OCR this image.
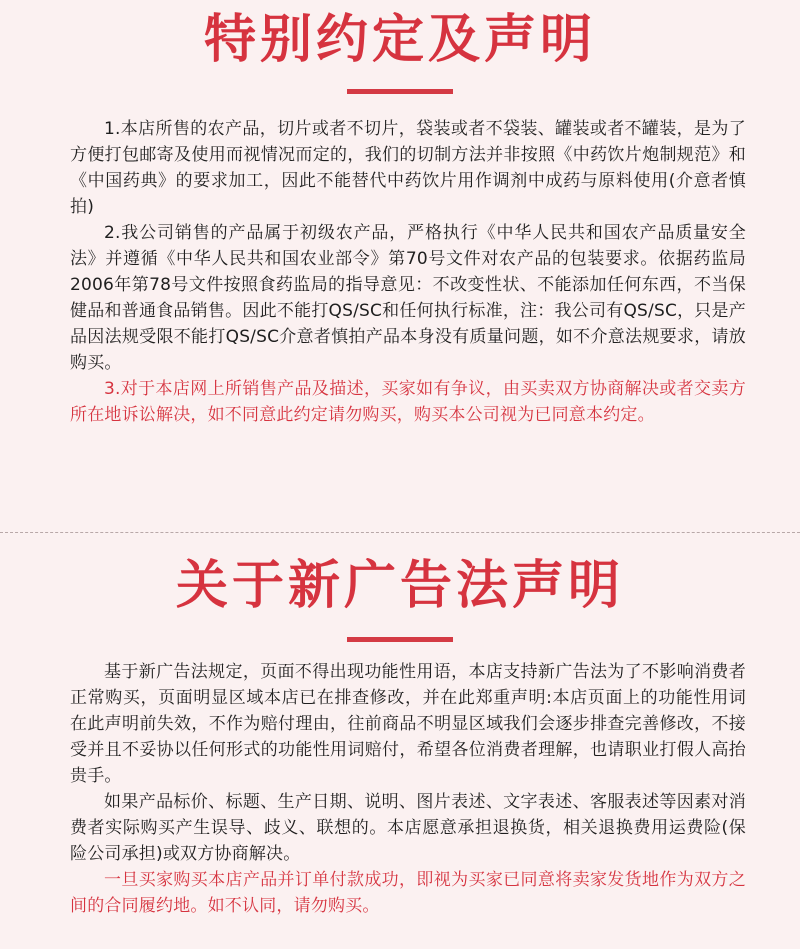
特别约定及声明

1.本店所售的农产品，切片或者不切片，袋装或者不袋装、罐装或者不罐装，是为了方便打包邮寄及使用而视情况而定的，我们的切制方法并非按照《中药饮片炮制规范》和《中国药典》的要求加工，因此不能替代中药饮片用作调剂中成药与原料使用(介意者慎拍)

2.我公司销售的产品属于初级农产品，严格执行《中华人民共和国农产品质量安全法》并遵循《中华人民共和国农业部令》第70号文件对农产品的包装要求。依据药监局2006年第78号文件按照食药监局的指导意见：不改变性状、不能添加任何东西，不当保健品和普通食品销售。因此不能打QS/SC和任何执行标准，注：我公司有QS/SC，只是产品因法规受限不能打QS/SC介意者慎拍产品本身没有质量问题，如不介意法规要求，请放购买。

3.对于本店网上所销售产品及描述，买家如有争议，由买卖双方协商解决或者交卖方所在地诉讼解决，如不同意此约定请勿购买，购买本公司视为已同意本约定。

关于新广告法声明

基于新广告法规定，页面不得出现功能性用语，本店支持新广告法为了不影响消费者正常购买，页面明显区域本店已在排查修改，并在此郑重声明:本店页面上的功能性用词在此声明前失效，不作为赔付理由，往前商品不明显区域我们会逐步排查完善修改，不接受并且不妥协以任何形式的功能性用词赔付，希望各位消费者理解，也请职业打假人高抬贵手。

如果产品标价、标题、生产日期、说明、图片表述、文字表述、客服表述等因素对消费者实际购买产生误导、歧义、联想的。本店愿意承担退换货，相关退换费用运费险(保险公司承担)或双方协商解决。

一旦买家购买本店产品并订单付款成功，即视为买家已同意将卖家发货地作为双方之间的合同履约地。如不认同，请勿购买。
